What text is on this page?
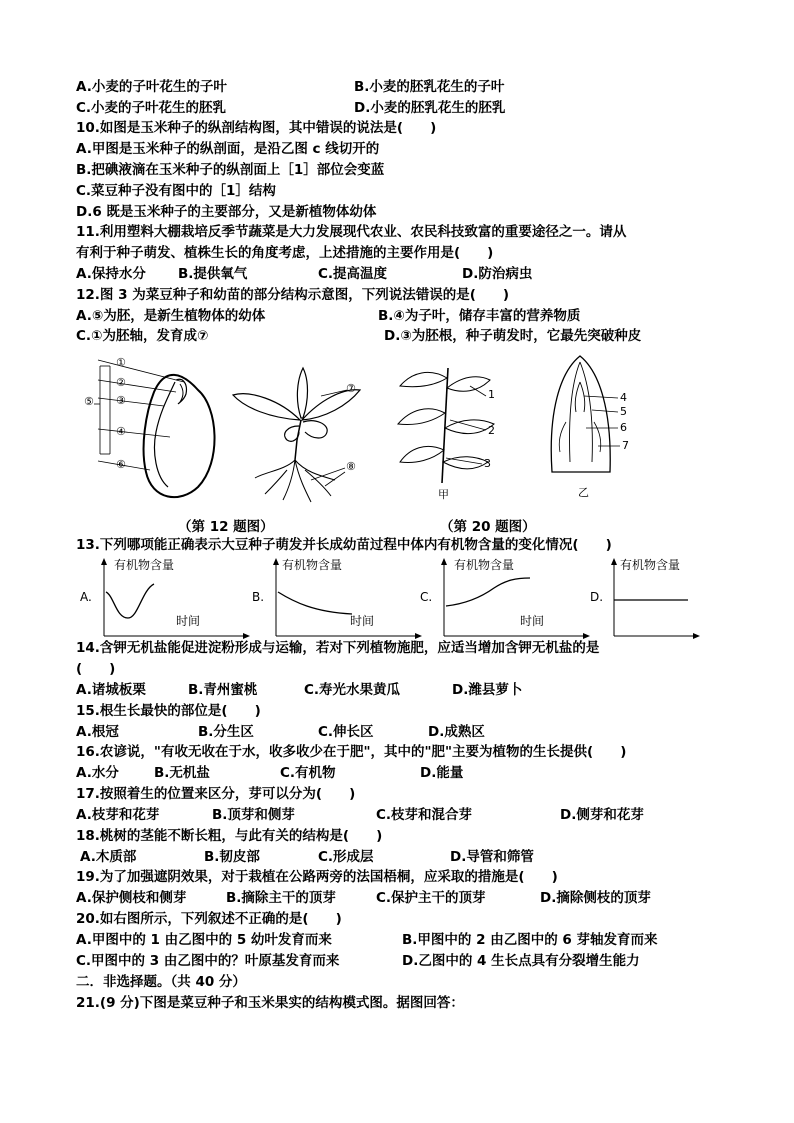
A.小麦的子叶花生的子叶	B.小麦的胚乳花生的子叶
C.小麦的子叶花生的胚乳	D.小麦的胚乳花生的胚乳
10.如图是玉米种子的纵剖结构图，其中错误的说法是(　　)
A.甲图是玉米种子的纵剖面，是沿乙图 c 线切开的
B.把碘液滴在玉米种子的纵剖面上［1］部位会变蓝
C.菜豆种子没有图中的［1］结构
D.6 既是玉米种子的主要部分，又是新植物体幼体
11.利用塑料大棚栽培反季节蔬菜是大力发展现代农业、农民科技致富的重要途径之一。请从
有利于种子萌发、植株生长的角度考虑，上述措施的主要作用是(　　)
A.保持水分 B.提供氧气	C.提高温度	D.防治病虫
12.图 3 为菜豆种子和幼苗的部分结构示意图，下列说法错误的是(　　)
A.⑤为胚，是新生植物体的幼体	B.④为子叶，储存丰富的营养物质
C.①为胚轴，发育成⑦	D.③为胚根，种子萌发时，它最先突破种皮
①
②
③
④
⑤
⑥
⑦
⑧
1
2
3
甲
4
5
6
7
乙
（第 12 题图）	（第 20 题图）
13.下列哪项能正确表示大豆种子萌发并长成幼苗过程中体内有机物含量的变化情况(　　)
有机物含量
时间
A.
有机物含量
时间
B.
有机物含量
时间
C.
有机物含量
D.
14.含钾无机盐能促进淀粉形成与运输，若对下列植物施肥，应适当增加含钾无机盐的是
(　　)
A.诸城板栗	B.青州蜜桃	C.寿光水果黄瓜	D.潍县萝卜
15.根生长最快的部位是(　　)
A.根冠	B.分生区	C.伸长区	D.成熟区
16.农谚说，"有收无收在于水，收多收少在于肥"，其中的"肥"主要为植物的生长提供(　　)
A.水分	B.无机盐	C.有机物	D.能量
17.按照着生的位置来区分，芽可以分为(　　)
A.枝芽和花芽	B.顶芽和侧芽	C.枝芽和混合芽	D.侧芽和花芽
18.桃树的茎能不断长粗，与此有关的结构是(　　)
A.木质部	B.韧皮部	C.形成层	D.导管和筛管
19.为了加强遮阴效果，对于栽植在公路两旁的法国梧桐，应采取的措施是(　　)
A.保护侧枝和侧芽	B.摘除主干的顶芽	C.保护主干的顶芽	D.摘除侧枝的顶芽
20.如右图所示，下列叙述不正确的是(　　)
A.甲图中的 1 由乙图中的 5 幼叶发育而来	B.甲图中的 2 由乙图中的 6 芽轴发育而来
C.甲图中的 3 由乙图中的？叶原基发育而来	D.乙图中的 4 生长点具有分裂增生能力
二．非选择题。（共 40 分）
21.(9 分)下图是菜豆种子和玉米果实的结构模式图。据图回答：
